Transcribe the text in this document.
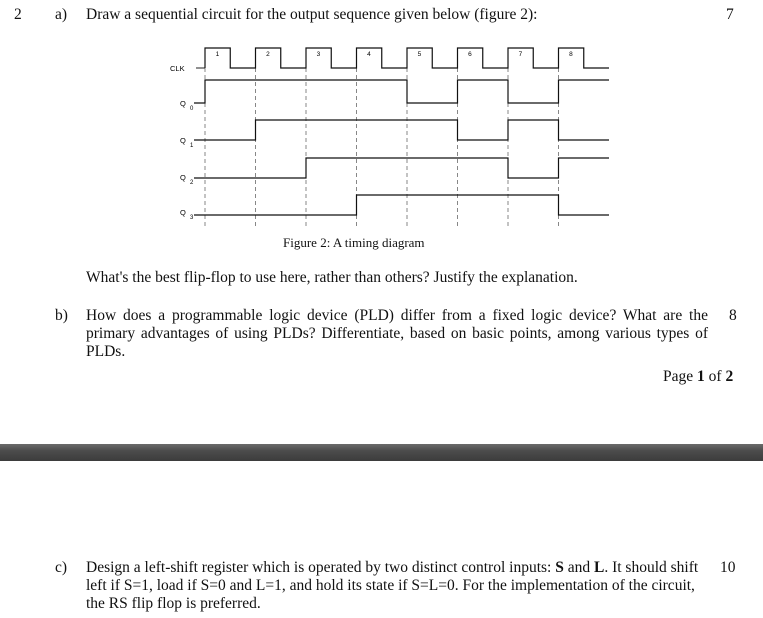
2 a) Draw a sequential circuit for the output sequence given below (figure 2):	7
CLK
Q
0
Q
1
Q
2
Q
3
1	2	3	4	5	6	7	8
Figure 2: A timing diagram
What's the best flip-flop to use here, rather than others? Justify the explanation.
b) How does a programmable logic device (PLD) differ from a fixed logic device? What are the primary advantages of using PLDs? Differentiate, based on basic points, among various types of PLDs.
8
Page 1 of 2
c) Design a left-shift register which is operated by two distinct control inputs: S and L. It should shift left if S=1, load if S=0 and L=1, and hold its state if S=L=0. For the implementation of the circuit, the RS flip flop is preferred.
10
